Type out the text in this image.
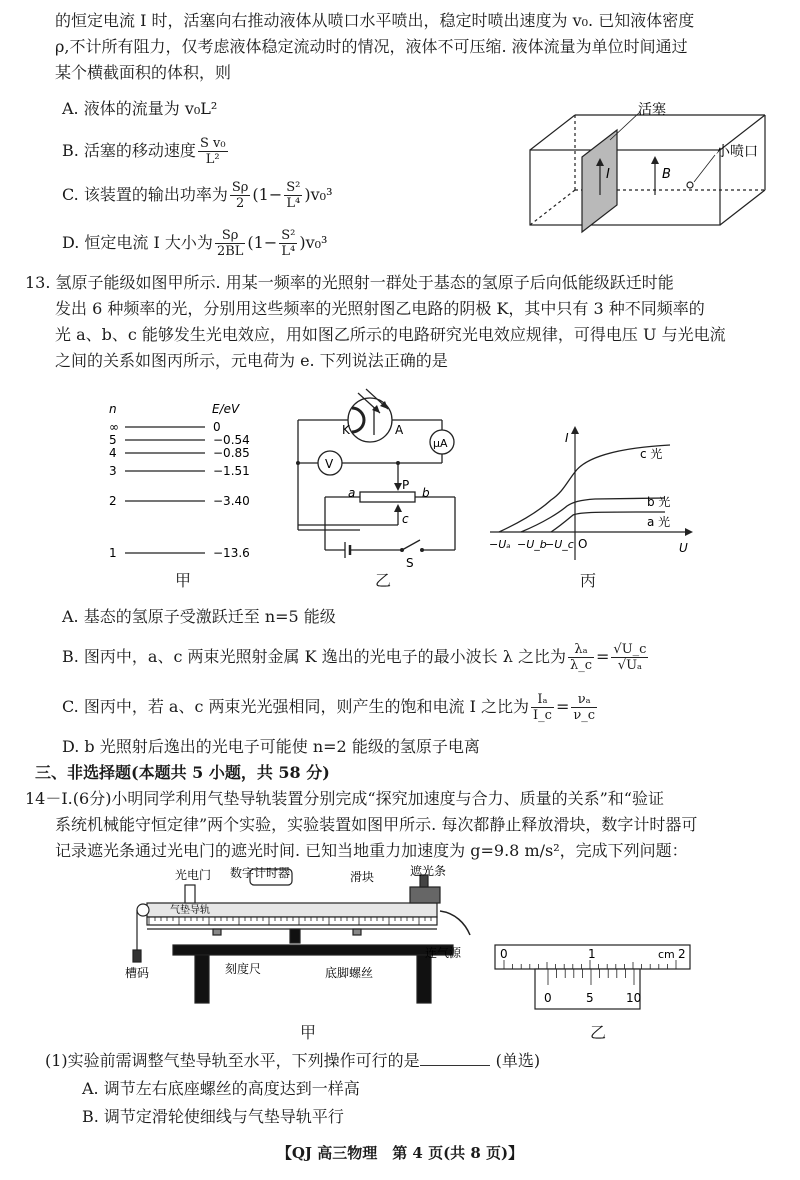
的恒定电流 I 时，活塞向右推动液体从喷口水平喷出，稳定时喷出速度为 v₀. 已知液体密度
ρ,不计所有阻力，仅考虑液体稳定流动时的情况，液体不可压缩. 液体流量为单位时间通过
某个横截面积的体积，则
A. 液体的流量为 v₀L²
B. 活塞的移动速度 $\frac{\text{S v₀}}{\text{L²}}$
C. 该装置的输出功率为 $\frac{S\rho}{2} (1- \frac{\text{S²}}{\text{L⁴}} )v_0^3$
D. 恒定电流 I 大小为 $\frac{S\rho}{2BL} (1- \frac{\text{S²}}{\text{L⁴}} )v_0^3$
I	B
活塞
小喷口
13. 氢原子能级如图甲所示. 用某一频率的光照射一群处于基态的氢原子后向低能级跃迁时能
发出 6 种频率的光，分别用这些频率的光照射图乙电路的阴极 K，其中只有 3 种不同频率的
光 a、b、c 能够发生光电效应，用如图乙所示的电路研究光电效应规律，可得电压 U 与光电流
之间的关系如图丙所示，元电荷为 e. 下列说法正确的是
n	E/eV
∞	0
5	−0.54
4	−0.85
3	−1.51
2	−3.40
1	−13.6
K	A
μA
V
P
a	b
c
S
I
U
O
−Uₐ −U_b
−U_c
c 光
b 光
a 光
甲	乙	丙
A. 基态的氢原子受激跃迁至 n=5 能级
B. 图丙中，a、c 两束光照射金属 K 逸出的光电子的最小波长 λ 之比为 $\frac{\text{λₐ}}{\lambda\_c} = \frac{√U\_c}{\text{√Uₐ}}$
C. 图丙中，若 a、c 两束光光强相同，则产生的饱和电流 I 之比为 $\frac{\text{Iₐ}}{I\_c} = \frac{\text{νₐ}}{\nu\_c}$
D. b 光照射后逸出的光电子可能使 n=2 能级的氢原子电离
三、非选择题(本题共 5 小题，共 58 分)
14－Ⅰ.(6分)小明同学利用气垫导轨装置分别完成“探究加速度与合力、质量的关系”和“验证
系统机械能守恒定律”两个实验，实验装置如图甲所示. 每次都静止释放滑块，数字计时器可
记录遮光条通过光电门的遮光时间. 已知当地重力加速度为 g=9.8 m/s²，完成下列问题：
光电门 数字计时器	滑块	遮光条
气垫导轨
连气源
槽码	刻度尺	底脚螺丝
0	1	cm 2
0	5	10
甲	乙
(1)实验前需调整气垫导轨至水平，下列操作可行的是	(单选)
A. 调节左右底座螺丝的高度达到一样高
B. 调节定滑轮使细线与气垫导轨平行
【QJ 高三物理　第 4 页(共 8 页)】
